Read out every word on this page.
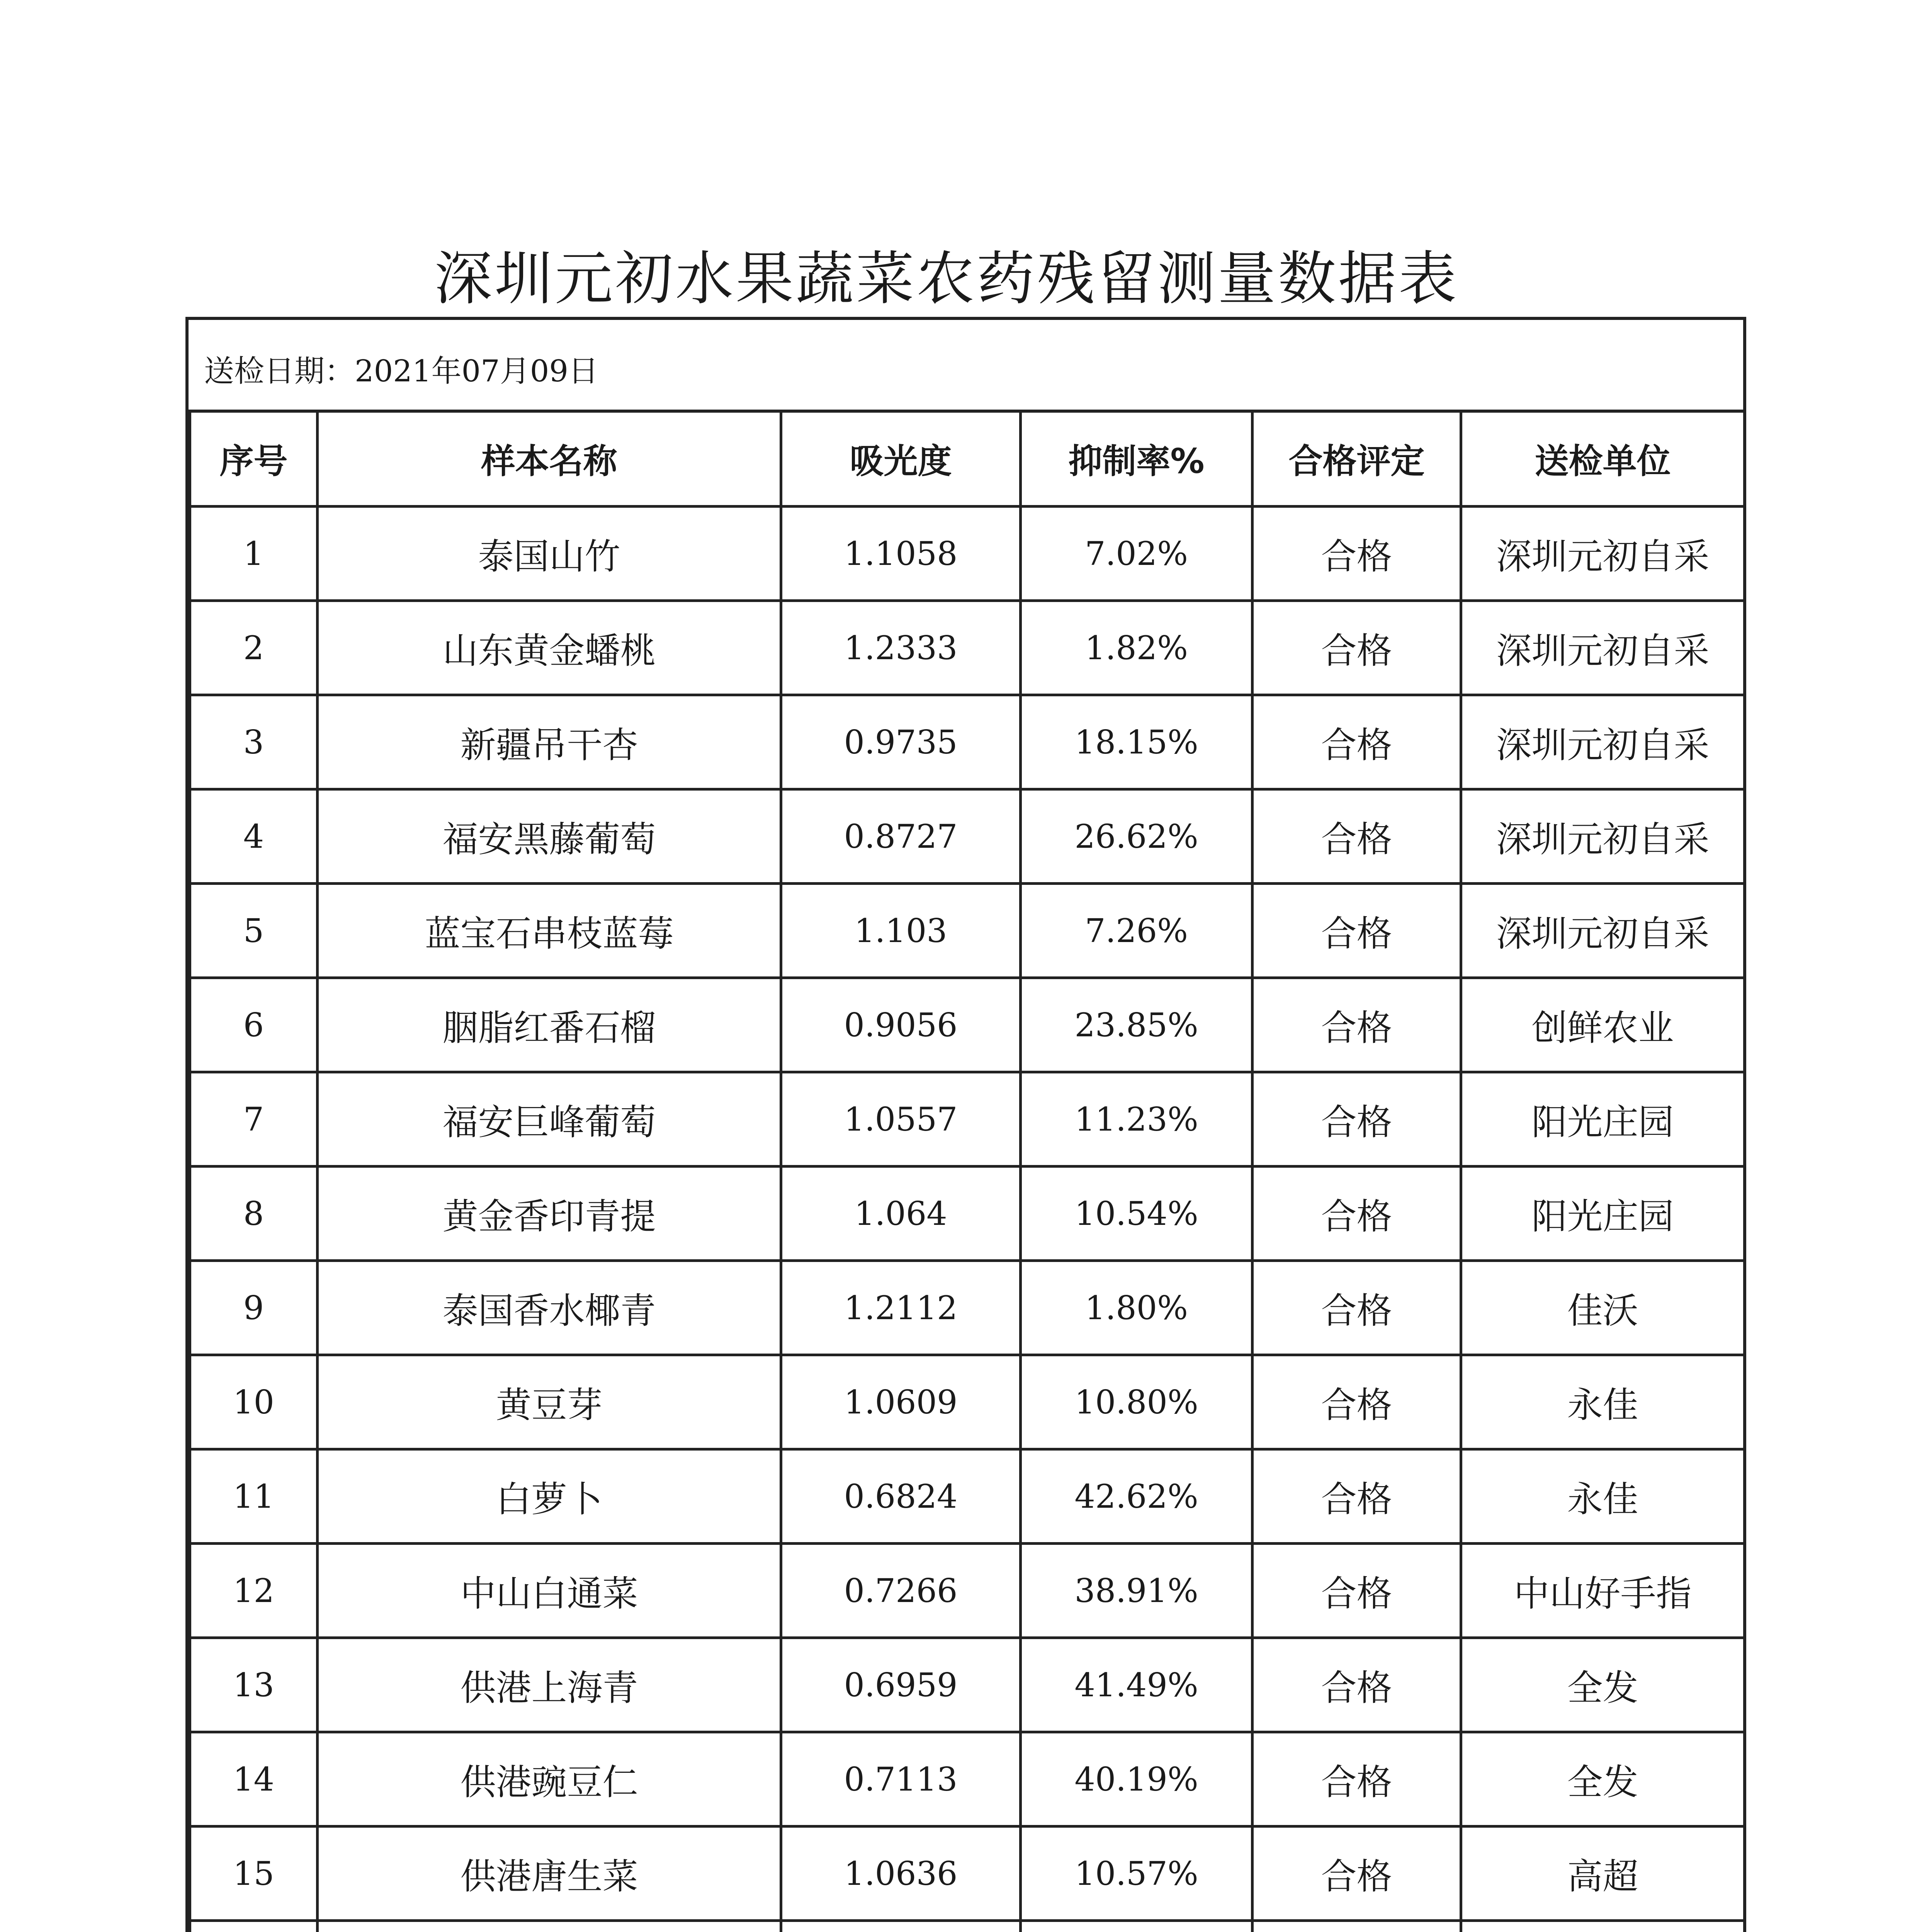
深圳元初水果蔬菜农药残留测量数据表
送检日期：2021年07月09日
序号	样本名称	吸光度	抑制率%	合格评定	送检单位
1	泰国山竹	1.1058	7.02%	合格	深圳元初自采
2	山东黄金蟠桃	1.2333	1.82%	合格	深圳元初自采
3	新疆吊干杏	0.9735	18.15%	合格	深圳元初自采
4	福安黑藤葡萄	0.8727	26.62%	合格	深圳元初自采
5	蓝宝石串枝蓝莓	1.103	7.26%	合格	深圳元初自采
6	胭脂红番石榴	0.9056	23.85%	合格	创鲜农业
7	福安巨峰葡萄	1.0557	11.23%	合格	阳光庄园
8	黄金香印青提	1.064	10.54%	合格	阳光庄园
9	泰国香水椰青	1.2112	1.80%	合格	佳沃
10	黄豆芽	1.0609	10.80%	合格	永佳
11	白萝卜	0.6824	42.62%	合格	永佳
12	中山白通菜	0.7266	38.91%	合格	中山好手指
13	供港上海青	0.6959	41.49%	合格	全发
14	供港豌豆仁	0.7113	40.19%	合格	全发
15	供港唐生菜	1.0636	10.57%	合格	高超
